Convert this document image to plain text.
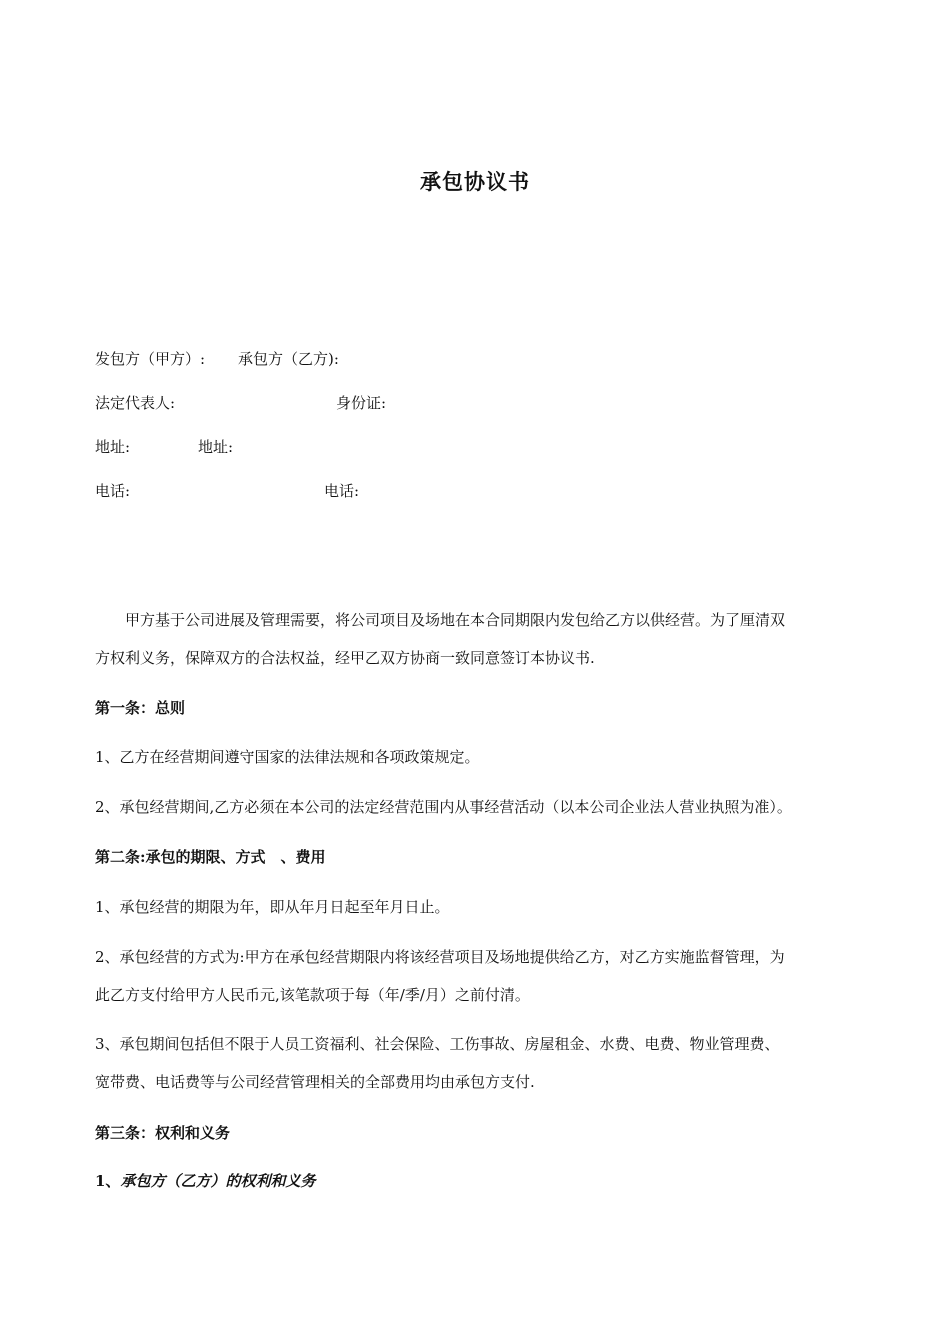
承包协议书
发包方（甲方）: 承包方（乙方):
法定代表人:	身份证:
地址:	地址:
电话:	电话:
甲方基于公司进展及管理需要，将公司项目及场地在本合同期限内发包给乙方以供经营。为了厘清双
方权利义务，保障双方的合法权益，经甲乙双方协商一致同意签订本协议书.
第一条：总则
1、乙方在经营期间遵守国家的法律法规和各项政策规定。
2、承包经营期间,乙方必须在本公司的法定经营范围内从事经营活动（以本公司企业法人营业执照为准）。
第二条:承包的期限、方式　、费用
1、承包经营的期限为年，即从年月日起至年月日止。
2、承包经营的方式为:甲方在承包经营期限内将该经营项目及场地提供给乙方，对乙方实施监督管理，为
此乙方支付给甲方人民币元,该笔款项于每（年/季/月）之前付清。
3、承包期间包括但不限于人员工资福利、社会保险、工伤事故、房屋租金、水费、电费、物业管理费、
宽带费、电话费等与公司经营管理相关的全部费用均由承包方支付.
第三条：权利和义务
1、承包方（乙方）的权利和义务
